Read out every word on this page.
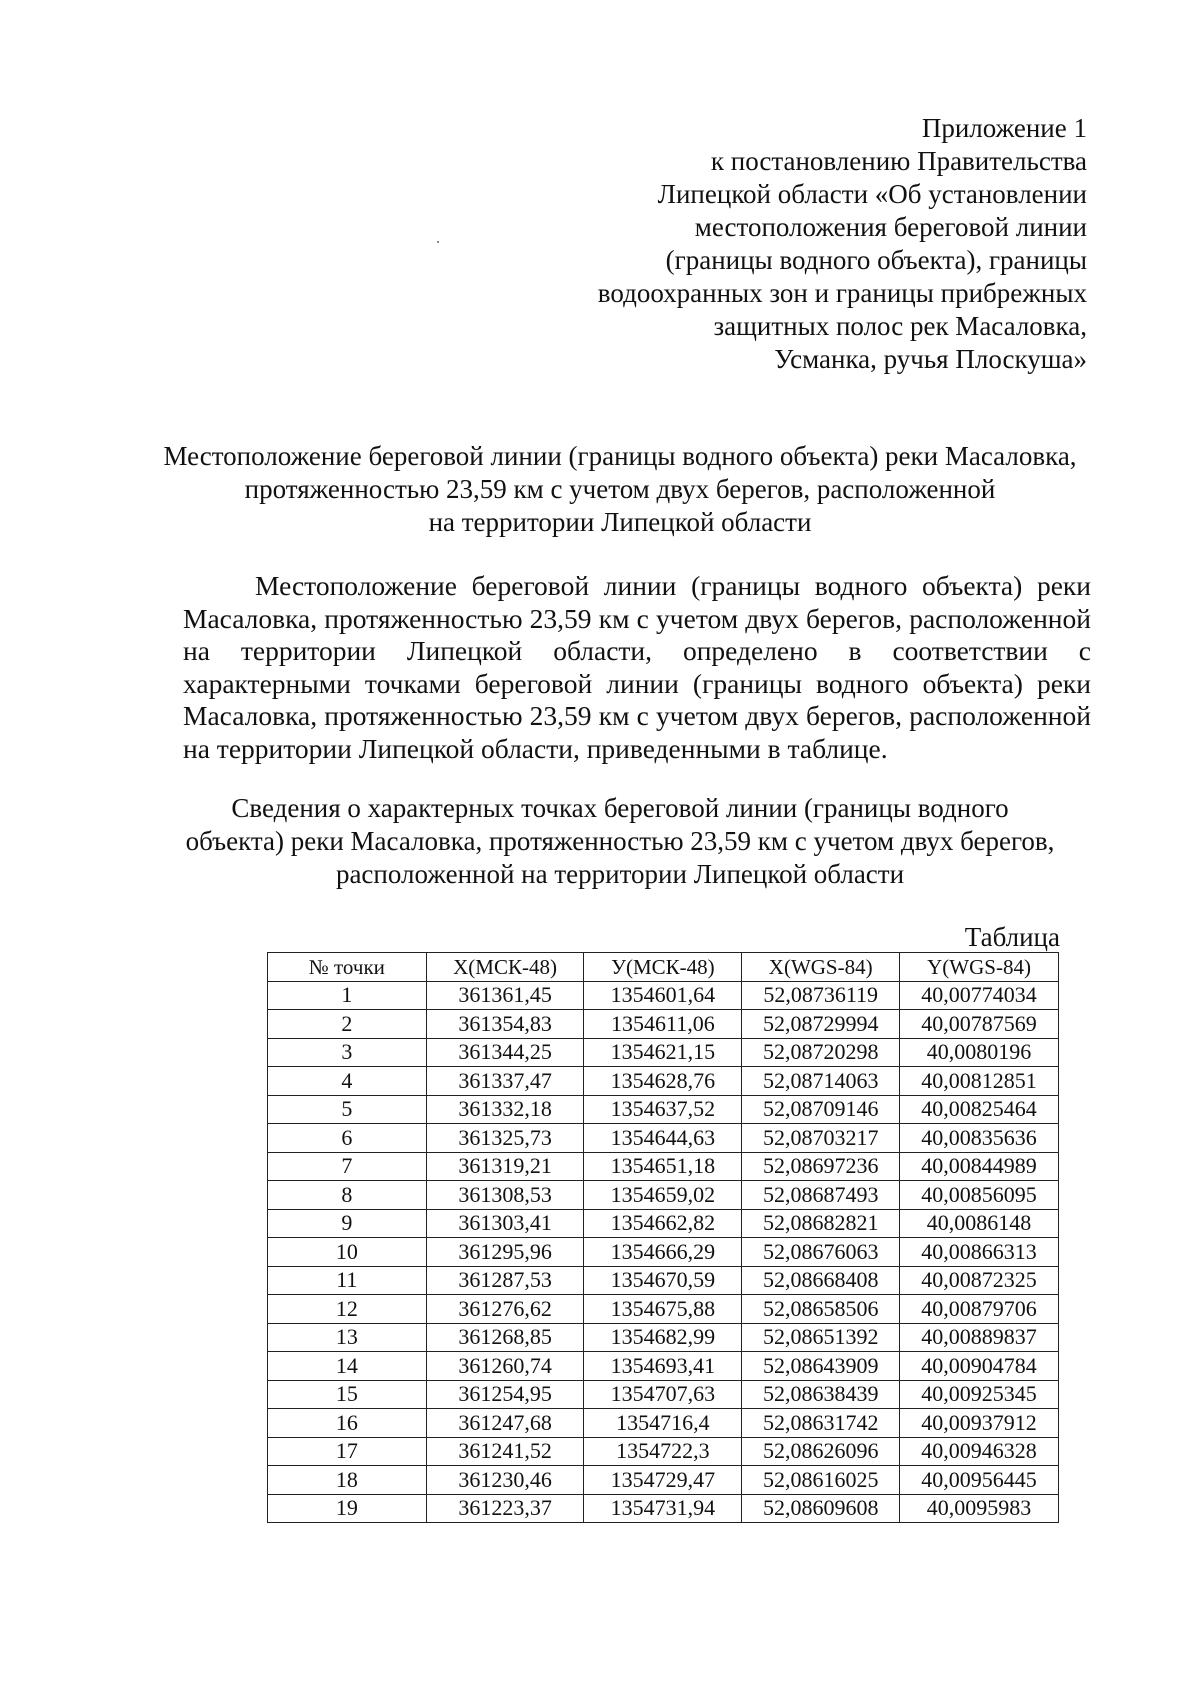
Приложение 1
к постановлению Правительства
Липецкой области «Об установлении
местоположения береговой линии
(границы водного объекта), границы
водоохранных зон и границы прибрежных
защитных полос рек Масаловка,
Усманка, ручья Плоскуша»
Местоположение береговой линии (границы водного объекта) реки Масаловка,
протяженностью 23,59 км с учетом двух берегов, расположенной
на территории Липецкой области

Местоположение береговой линии (границы водного объекта) реки Масаловка, протяженностью 23,59 км с учетом двух берегов, расположенной на территории Липецкой области, определено в соответствии с характерными точками береговой линии (границы водного объекта) реки Масаловка, протяженностью 23,59 км с учетом двух берегов, расположенной на территории Липецкой области, приведенными в таблице.

Сведения о характерных точках береговой линии (границы водного
объекта) реки Масаловка, протяженностью 23,59 км с учетом двух берегов,
расположенной на территории Липецкой области
Таблица
№ точки	X(МСК-48)	У(МСК-48)	X(WGS-84)	Y(WGS-84)
1	361361,45	1354601,64	52,08736119	40,00774034
2	361354,83	1354611,06	52,08729994	40,00787569
3	361344,25	1354621,15	52,08720298	40,0080196
4	361337,47	1354628,76	52,08714063	40,00812851
5	361332,18	1354637,52	52,08709146	40,00825464
6	361325,73	1354644,63	52,08703217	40,00835636
7	361319,21	1354651,18	52,08697236	40,00844989
8	361308,53	1354659,02	52,08687493	40,00856095
9	361303,41	1354662,82	52,08682821	40,0086148
10	361295,96	1354666,29	52,08676063	40,00866313
11	361287,53	1354670,59	52,08668408	40,00872325
12	361276,62	1354675,88	52,08658506	40,00879706
13	361268,85	1354682,99	52,08651392	40,00889837
14	361260,74	1354693,41	52,08643909	40,00904784
15	361254,95	1354707,63	52,08638439	40,00925345
16	361247,68	1354716,4	52,08631742	40,00937912
17	361241,52	1354722,3	52,08626096	40,00946328
18	361230,46	1354729,47	52,08616025	40,00956445
19	361223,37	1354731,94	52,08609608	40,0095983
